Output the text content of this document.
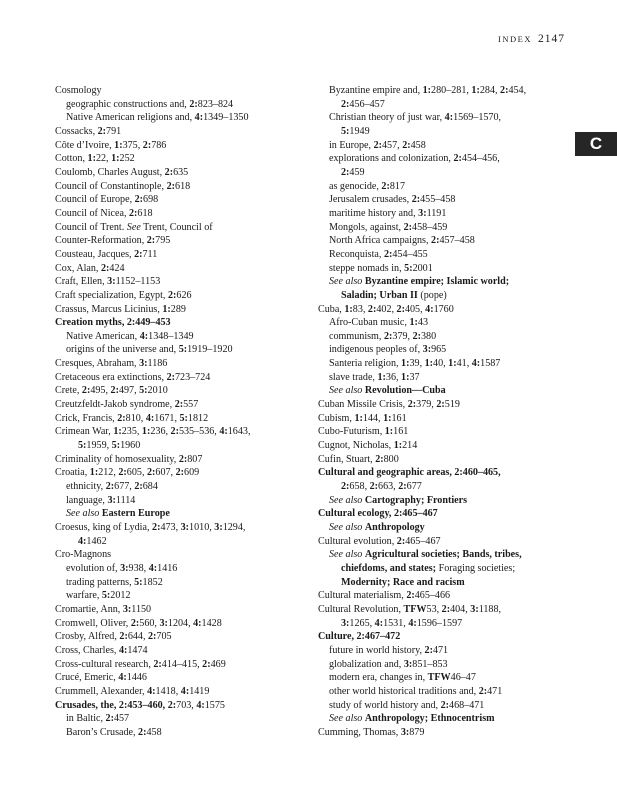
INDEX 2147
C
Cosmology
geographic constructions and, 2:823–824
Native American religions and, 4:1349–1350
Cossacks, 2:791
Côte d’Ivoire, 1:375, 2:786
Cotton, 1:22, 1:252
Coulomb, Charles August, 2:635
Council of Constantinople, 2:618
Council of Europe, 2:698
Council of Nicea, 2:618
Council of Trent. See Trent, Council of
Counter-Reformation, 2:795
Cousteau, Jacques, 2:711
Cox, Alan, 2:424
Craft, Ellen, 3:1152–1153
Craft specialization, Egypt, 2:626
Crassus, Marcus Licinius, 1:289
Creation myths, 2:449–453
Native American, 4:1348–1349
origins of the universe and, 5:1919–1920
Cresques, Abraham, 3:1186
Cretaceous era extinctions, 2:723–724
Crete, 2:495, 2:497, 5:2010
Creutzfeldt-Jakob syndrome, 2:557
Crick, Francis, 2:810, 4:1671, 5:1812
Crimean War, 1:235, 1:236, 2:535–536, 4:1643,
5:1959, 5:1960
Criminality of homosexuality, 2:807
Croatia, 1:212, 2:605, 2:607, 2:609
ethnicity, 2:677, 2:684
language, 3:1114
See also Eastern Europe
Croesus, king of Lydia, 2:473, 3:1010, 3:1294,
4:1462
Cro-Magnons
evolution of, 3:938, 4:1416
trading patterns, 5:1852
warfare, 5:2012
Cromartie, Ann, 3:1150
Cromwell, Oliver, 2:560, 3:1204, 4:1428
Crosby, Alfred, 2:644, 2:705
Cross, Charles, 4:1474
Cross-cultural research, 2:414–415, 2:469
Crucé, Emeric, 4:1446
Crummell, Alexander, 4:1418, 4:1419
Crusades, the, 2:453–460, 2:703, 4:1575
in Baltic, 2:457
Baron’s Crusade, 2:458
Byzantine empire and, 1:280–281, 1:284, 2:454,
2:456–457
Christian theory of just war, 4:1569–1570,
5:1949
in Europe, 2:457, 2:458
explorations and colonization, 2:454–456,
2:459
as genocide, 2:817
Jerusalem crusades, 2:455–458
maritime history and, 3:1191
Mongols, against, 2:458–459
North Africa campaigns, 2:457–458
Reconquista, 2:454–455
steppe nomads in, 5:2001
See also Byzantine empire; Islamic world;
Saladin; Urban II (pope)
Cuba, 1:83, 2:402, 2:405, 4:1760
Afro-Cuban music, 1:43
communism, 2:379, 2:380
indigenous peoples of, 3:965
Santeria religion, 1:39, 1:40, 1:41, 4:1587
slave trade, 1:36, 1:37
See also Revolution—Cuba
Cuban Missile Crisis, 2:379, 2:519
Cubism, 1:144, 1:161
Cubo-Futurism, 1:161
Cugnot, Nicholas, 1:214
Cufin, Stuart, 2:800
Cultural and geographic areas, 2:460–465,
2:658, 2:663, 2:677
See also Cartography; Frontiers
Cultural ecology, 2:465–467
See also Anthropology
Cultural evolution, 2:465–467
See also Agricultural societies; Bands, tribes,
chiefdoms, and states; Foraging societies;
Modernity; Race and racism
Cultural materialism, 2:465–466
Cultural Revolution, TFW53, 2:404, 3:1188,
3:1265, 4:1531, 4:1596–1597
Culture, 2:467–472
future in world history, 2:471
globalization and, 3:851–853
modern era, changes in, TFW46–47
other world historical traditions and, 2:471
study of world history and, 2:468–471
See also Anthropology; Ethnocentrism
Cumming, Thomas, 3:879
